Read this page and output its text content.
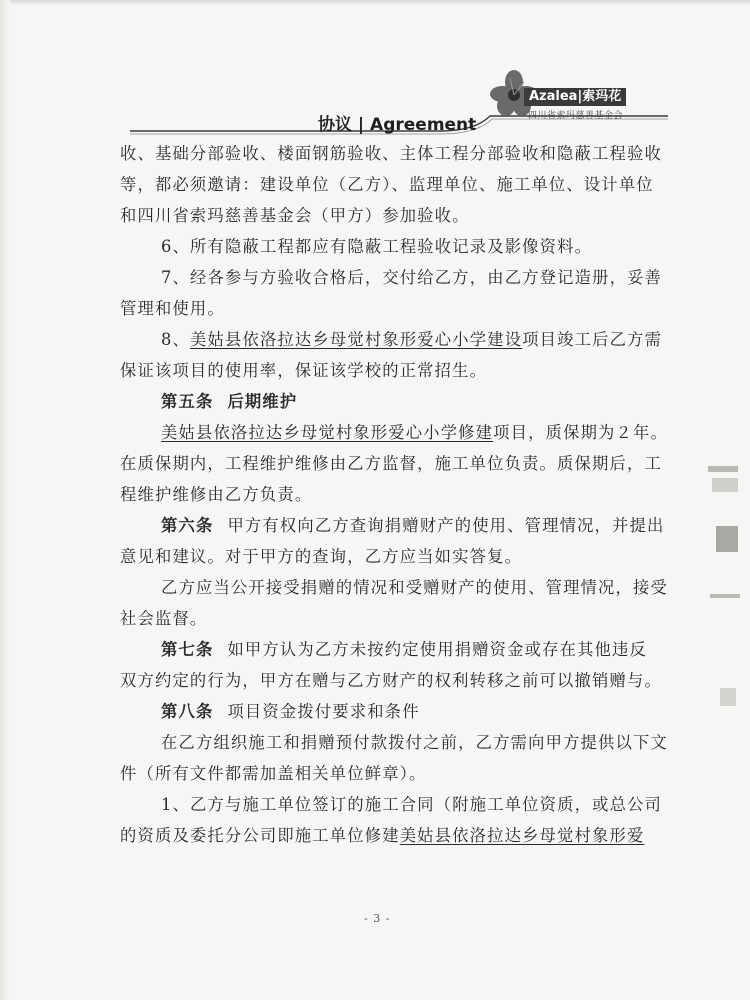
Azalea|索玛花
四川省索玛慈善基金会
协议 | Agreement

收、基础分部验收、楼面钢筋验收、主体工程分部验收和隐蔽工程验收

等，都必须邀请：建设单位（乙方）、监理单位、施工单位、设计单位

和四川省索玛慈善基金会（甲方）参加验收。

6、所有隐蔽工程都应有隐蔽工程验收记录及影像资料。

7、经各参与方验收合格后，交付给乙方，由乙方登记造册，妥善

管理和使用。

8、美姑县依洛拉达乡母觉村象形爱心小学建设项目竣工后乙方需

保证该项目的使用率，保证该学校的正常招生。

第五条 后期维护

美姑县依洛拉达乡母觉村象形爱心小学修建项目，质保期为２年。

在质保期内，工程维护维修由乙方监督，施工单位负责。质保期后，工

程维护维修由乙方负责。

第六条 甲方有权向乙方查询捐赠财产的使用、管理情况，并提出

意见和建议。对于甲方的查询，乙方应当如实答复。

乙方应当公开接受捐赠的情况和受赠财产的使用、管理情况，接受

社会监督。

第七条 如甲方认为乙方未按约定使用捐赠资金或存在其他违反

双方约定的行为，甲方在赠与乙方财产的权利转移之前可以撤销赠与。

第八条 项目资金拨付要求和条件

在乙方组织施工和捐赠预付款拨付之前，乙方需向甲方提供以下文

件（所有文件都需加盖相关单位鲜章）。

1、乙方与施工单位签订的施工合同（附施工单位资质，或总公司

的资质及委托分公司即施工单位修建美姑县依洛拉达乡母觉村象形爱

- 3 -
